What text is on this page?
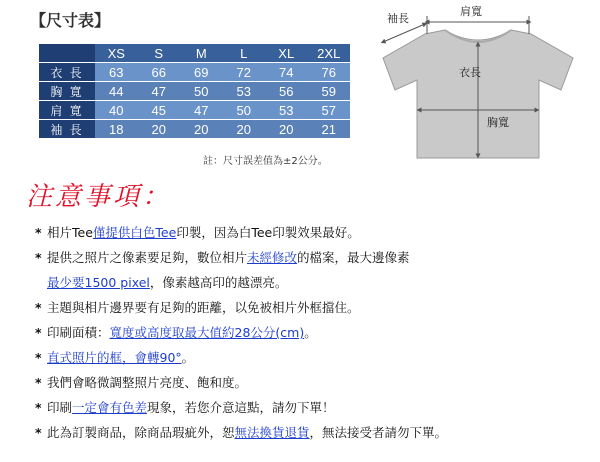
【尺寸表】
	XS	S	M	L	XL	2XL
衣 長	63	66	69	72	74	76
胸 寬	44	47	50	53	56	59
肩 寬	40	45	47	50	53	57
袖 長	18	20	20	20	20	21
註：尺寸誤差值為±2公分。
袖長
肩寬
衣長
胸寬
注意事項：
* 相片Tee僅提供白色Tee印製，因為白Tee印製效果最好。
* 提供之照片之像素要足夠，數位相片未經修改的檔案，最大邊像素
最少要1500 pixel，像素越高印的越漂亮。
* 主題與相片邊界要有足夠的距離，以免被相片外框擋住。
* 印刷面積：寬度或高度取最大值約28公分(cm)。
* 直式照片的框，會轉90°。
* 我們會略微調整照片亮度、飽和度。
* 印刷一定會有色差現象，若您介意這點，請勿下單！
* 此為訂製商品，除商品瑕疵外，恕無法換貨退貨，無法接受者請勿下單。
